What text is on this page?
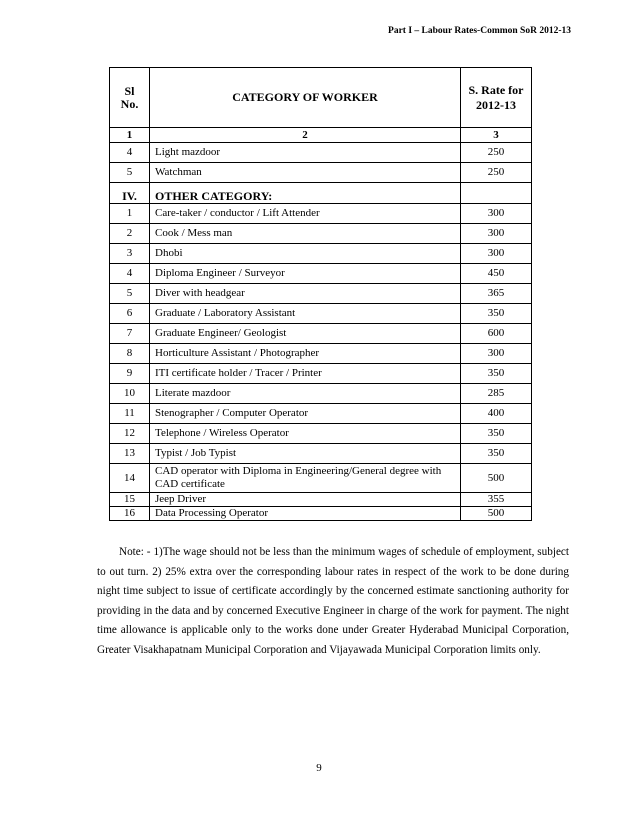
Part I – Labour Rates-Common SoR 2012-13
Sl No.	CATEGORY OF WORKER	S. Rate for 2012-13
1	2	3
4	Light mazdoor	250
5	Watchman	250
IV.	OTHER CATEGORY:	
1	Care-taker / conductor / Lift Attender	300
2	Cook / Mess man	300
3	Dhobi	300
4	Diploma Engineer / Surveyor	450
5	Diver with headgear	365
6	Graduate / Laboratory Assistant	350
7	Graduate Engineer/ Geologist	600
8	Horticulture Assistant / Photographer	300
9	ITI certificate holder / Tracer / Printer	350
10	Literate mazdoor	285
11	Stenographer / Computer Operator	400
12	Telephone / Wireless Operator	350
13	Typist / Job Typist	350
14	CAD operator with Diploma in Engineering/General degree with CAD certificate	500
15	Jeep Driver	355
16	Data Processing Operator	500
Note: - 1)The wage should not be less than the minimum wages of schedule of employment, subject to out turn. 2) 25% extra over the corresponding labour rates in respect of the work to be done during night time subject to issue of certificate accordingly by the concerned estimate sanctioning authority for providing in the data and by concerned Executive Engineer in charge of the work for payment. The night time allowance is applicable only to the works done under Greater Hyderabad Municipal Corporation, Greater Visakhapatnam Municipal Corporation and Vijayawada Municipal Corporation limits only.
9
